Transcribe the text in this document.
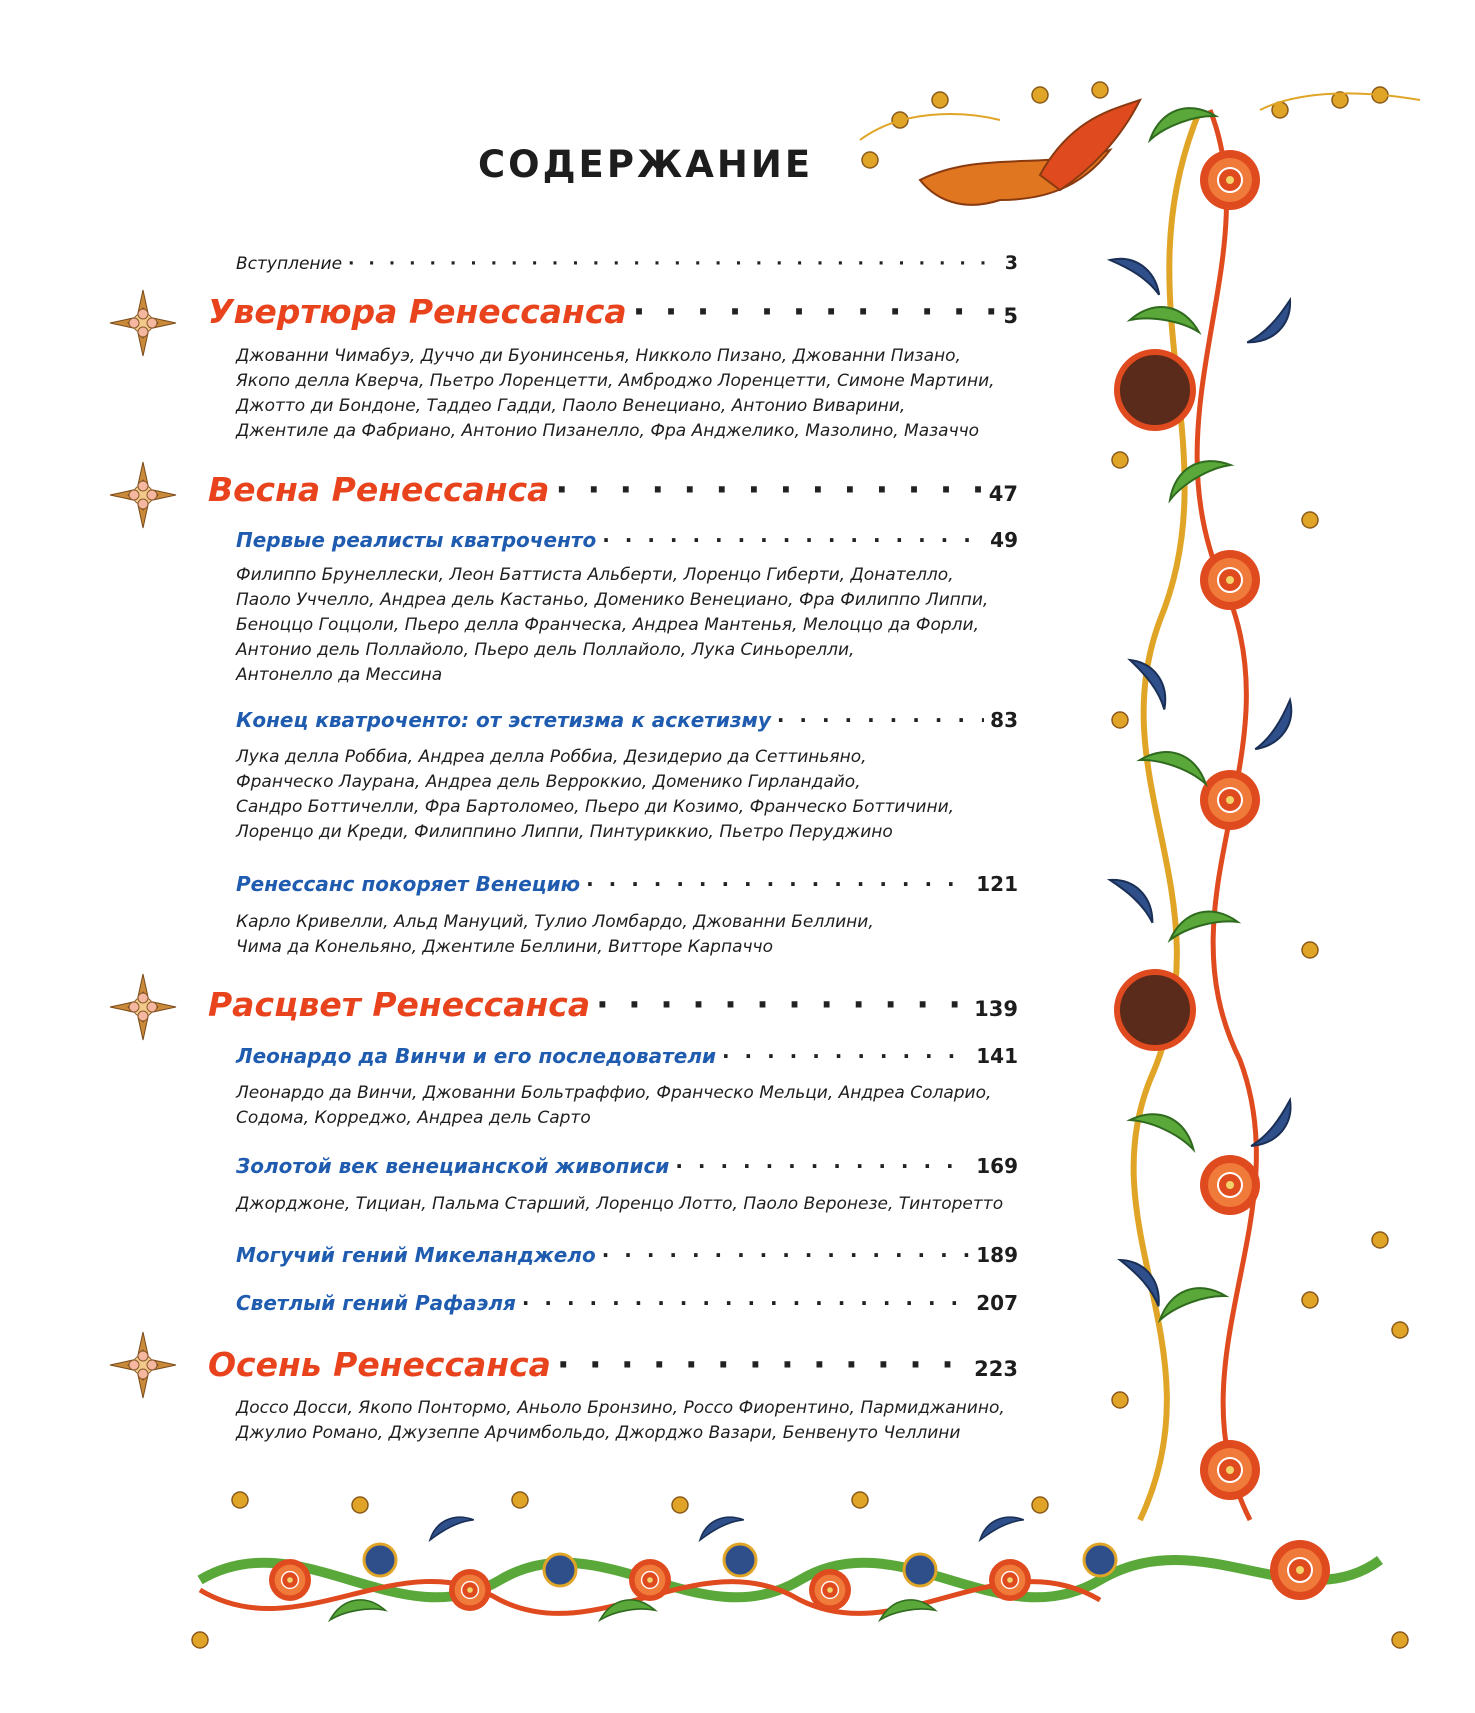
СОДЕРЖАНИЕ
Вступление · · ·	3
Увертюра Ренессанса · · ·	5
Джованни Чимабуэ, Дуччо ди Буонинсенья, Никколо Пизано, Джованни Пизано,
Якопо делла Кверча, Пьетро Лоренцетти, Амброджо Лоренцетти, Симоне Мартини,
Джотто ди Бондоне, Таддео Гадди, Паоло Венециано, Антонио Виварини,
Джентиле да Фабриано, Антонио Пизанелло, Фра Анджелико, Мазолино, Мазаччо
Весна Ренессанса · · ·	47
Первые реалисты кватроченто · · ·	49
Филиппо Брунеллески, Леон Баттиста Альберти, Лоренцо Гиберти, Донателло,
Паоло Уччелло, Андреа дель Кастаньо, Доменико Венециано, Фра Филиппо Липпи,
Беноццо Гоццоли, Пьеро делла Франческа, Андреа Мантенья, Мелоццо да Форли,
Антонио дель Поллайоло, Пьеро дель Поллайоло, Лука Синьорелли,
Антонелло да Мессина
Конец кватроченто: от эстетизма к аскетизму · · ·	83
Лука делла Роббиа, Андреа делла Роббиа, Дезидерио да Сеттиньяно,
Франческо Лаурана, Андреа дель Верроккио, Доменико Гирландайо,
Сандро Боттичелли, Фра Бартоломео, Пьеро ди Козимо, Франческо Боттичини,
Лоренцо ди Креди, Филиппино Липпи, Пинтуриккио, Пьетро Перуджино
Ренессанс покоряет Венецию · · ·	121
Карло Кривелли, Альд Мануций, Тулио Ломбардо, Джованни Беллини,
Чима да Конельяно, Джентиле Беллини, Витторе Карпаччо
Расцвет Ренессанса · · ·	139
Леонардо да Винчи и его последователи · · ·	141
Леонардо да Винчи, Джованни Больтраффио, Франческо Мельци, Андреа Соларио,
Содома, Корреджо, Андреа дель Сарто
Золотой век венецианской живописи · · ·	169
Джорджоне, Тициан, Пальма Старший, Лоренцо Лотто, Паоло Веронезе, Тинторетто
Могучий гений Микеланджело · · ·	189
Светлый гений Рафаэля · · ·	207
Осень Ренессанса · · ·	223
Доссо Досси, Якопо Понтормо, Аньоло Бронзино, Россо Фиорентино, Пармиджанино,
Джулио Романо, Джузеппе Арчимбольдо, Джорджо Вазари, Бенвенуто Челлини
